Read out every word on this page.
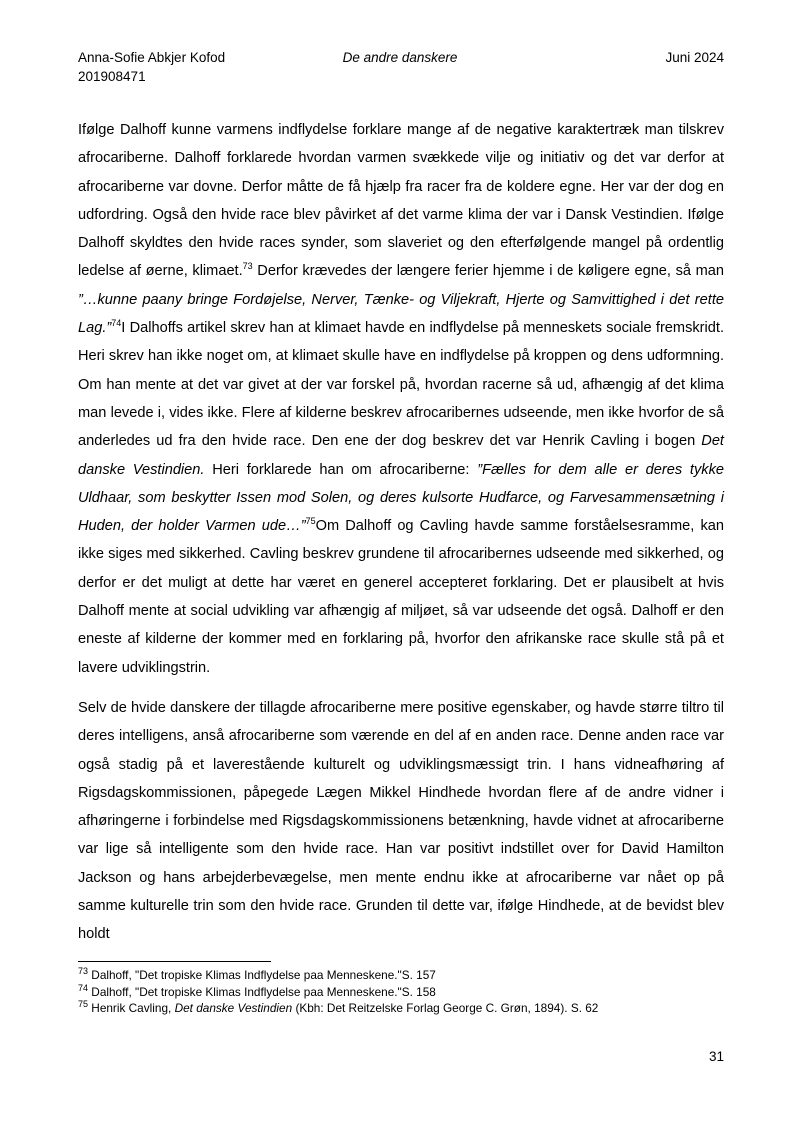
Anna-Sofie Abkjer Kofod
201908471
De andre danskere	Juni 2024

Ifølge Dalhoff kunne varmens indflydelse forklare mange af de negative karaktertræk man tilskrev afrocariberne. Dalhoff forklarede hvordan varmen svækkede vilje og initiativ og det var derfor at afrocariberne var dovne. Derfor måtte de få hjælp fra racer fra de koldere egne. Her var der dog en udfordring. Også den hvide race blev påvirket af det varme klima der var i Dansk Vestindien. Ifølge Dalhoff skyldtes den hvide races synder, som slaveriet og den efterfølgende mangel på ordentlig ledelse af øerne, klimaet.$^{73}$ Derfor krævedes der længere ferier hjemme i de køligere egne, så man ”…kunne paany bringe Fordøjelse, Nerver, Tænke- og Viljekraft, Hjerte og Samvittighed i det rette Lag.”$^{74}$I Dalhoffs artikel skrev han at klimaet havde en indflydelse på menneskets sociale fremskridt. Heri skrev han ikke noget om, at klimaet skulle have en indflydelse på kroppen og dens udformning. Om han mente at det var givet at der var forskel på, hvordan racerne så ud, afhængig af det klima man levede i, vides ikke. Flere af kilderne beskrev afrocaribernes udseende, men ikke hvorfor de så anderledes ud fra den hvide race. Den ene der dog beskrev det var Henrik Cavling i bogen Det danske Vestindien. Heri forklarede han om afrocariberne: ”Fælles for dem alle er deres tykke Uldhaar, som beskytter Issen mod Solen, og deres kulsorte Hudfarce, og Farvesammensætning i Huden, der holder Varmen ude…”$^{75}$Om Dalhoff og Cavling havde samme forståelsesramme, kan ikke siges med sikkerhed. Cavling beskrev grundene til afrocaribernes udseende med sikkerhed, og derfor er det muligt at dette har været en generel accepteret forklaring. Det er plausibelt at hvis Dalhoff mente at social udvikling var afhængig af miljøet, så var udseende det også. Dalhoff er den eneste af kilderne der kommer med en forklaring på, hvorfor den afrikanske race skulle stå på et lavere udviklingstrin.

Selv de hvide danskere der tillagde afrocariberne mere positive egenskaber, og havde større tiltro til deres intelligens, anså afrocariberne som værende en del af en anden race. Denne anden race var også stadig på et laverestående kulturelt og udviklingsmæssigt trin. I hans vidneafhøring af Rigsdagskommissionen, påpegede Lægen Mikkel Hindhede hvordan flere af de andre vidner i afhøringerne i forbindelse med Rigsdagskommissionens betænkning, havde vidnet at afrocariberne var lige så intelligente som den hvide race. Han var positivt indstillet over for David Hamilton Jackson og hans arbejderbevægelse, men mente endnu ikke at afrocariberne var nået op på samme kulturelle trin som den hvide race. Grunden til dette var, ifølge Hindhede, at de bevidst blev holdt

$^{73}$ Dalhoff, "Det tropiske Klimas Indflydelse paa Menneskene."S. 157

$^{74}$ Dalhoff, "Det tropiske Klimas Indflydelse paa Menneskene."S. 158

$^{75}$ Henrik Cavling, Det danske Vestindien (Kbh: Det Reitzelske Forlag George C. Grøn, 1894). S. 62

31
